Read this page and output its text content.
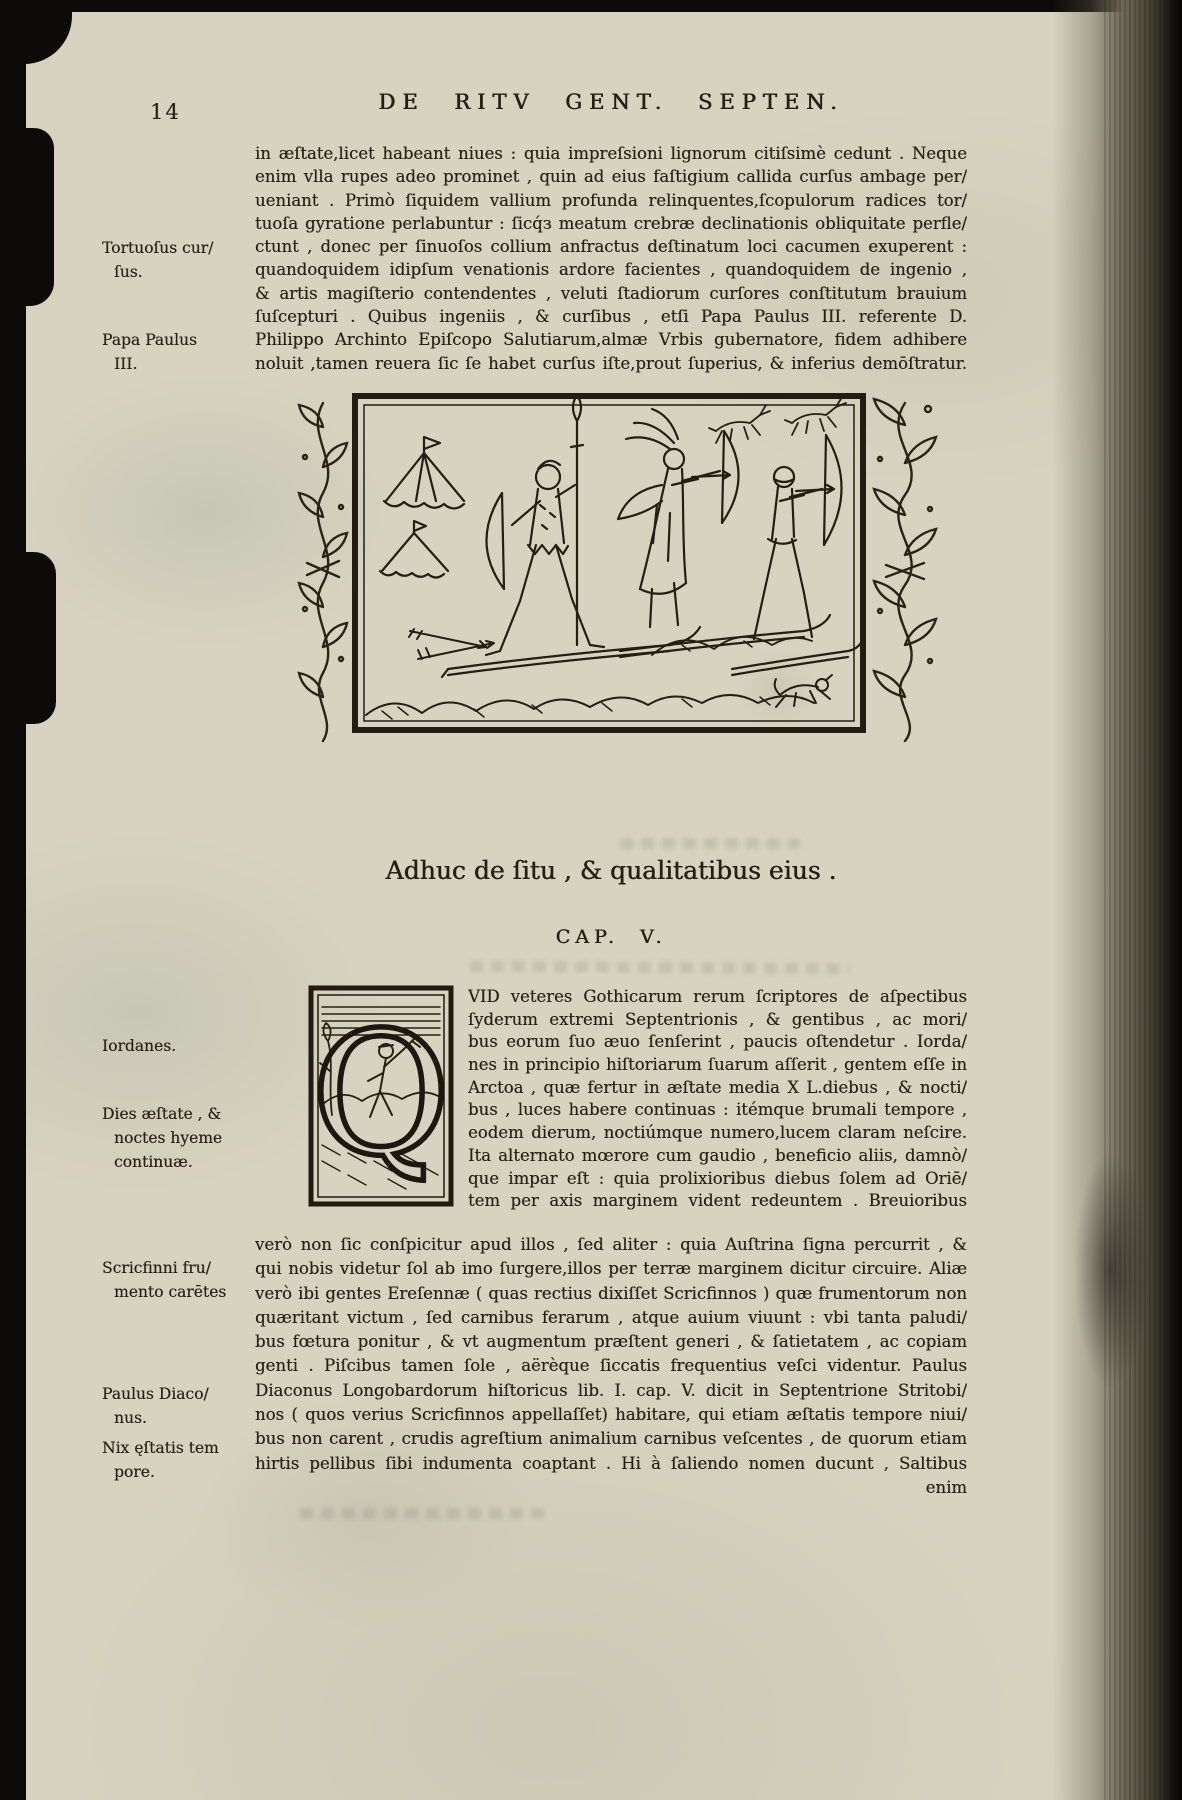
14	DE RITV GENT. SEPTEN.
in æſtate,licet habeant niues : quia impreſsioni lignorum citiſsimè cedunt . Neque
enim vlla rupes adeo prominet , quin ad eius faſtigium callida curſus ambage per/
ueniant . Primò ſiquidem vallium profunda relinquentes,ſcopulorum radices tor/
tuoſa gyratione perlabuntur : ſicq́з meatum crebræ declinationis obliquitate perfle/
ctunt , donec per ſinuoſos collium anfractus deſtinatum loci cacumen exuperent :
quandoquidem idipſum venationis ardore facientes , quandoquidem de ingenio ,
& artis magiſterio contendentes , veluti ſtadiorum curſores conſtitutum brauium
ſuſcepturi . Quibus ingeniis , & curſibus , etſi Papa Paulus III. referente D.
Philippo Archinto Epiſcopo Salutiarum,almæ Vrbis gubernatore, fidem adhibere
noluit ,tamen reuera ſic ſe habet curſus iſte,prout ſuperius, & inferius demōſtratur.
Tortuoſus cur/
ſus.
Papa Paulus
III.
Iordanes.
Dies æſtate , &
noctes hyeme
continuæ.
Scricfinni fru/
mento carētes
Paulus Diaco/
nus.
Nix ęſtatis tem
pore.
Adhuc de ſitu , & qualitatibus eius .
CAP. V.
Q VID veteres Gothicarum rerum ſcriptores de aſpectibus
ſyderum extremi Septentrionis , & gentibus , ac mori/
bus eorum ſuo æuo ſenſerint , paucis oſtendetur . Iorda/
nes in principio hiſtoriarum ſuarum aſſerit , gentem eſſe in
Arctoa , quæ fertur in æſtate media X L.diebus , & nocti/
bus , luces habere continuas : itémque brumali tempore ,
eodem dierum, noctiúmque numero,lucem claram neſcire.
Ita alternato mœrore cum gaudio , beneficio aliis, damnò/
que impar eſt : quia prolixioribus diebus ſolem ad Oriē/
tem per axis marginem vident redeuntem . Breuioribus
verò non ſic conſpicitur apud illos , ſed aliter : quia Auſtrina ſigna percurrit , &
qui nobis videtur ſol ab imo ſurgere,illos per terræ marginem dicitur circuire. Aliæ
verò ibi gentes Ereſennæ ( quas rectius dixiſſet Scricfinnos ) quæ frumentorum non
quæritant victum , ſed carnibus ferarum , atque auium viuunt : vbi tanta paludi/
bus fœtura ponitur , & vt augmentum præſtent generi , & ſatietatem , ac copiam
genti . Piſcibus tamen ſole , aërèque ſiccatis frequentius veſci videntur. Paulus
Diaconus Longobardorum hiſtoricus lib. I. cap. V. dicit in Septentrione Stritobi/
nos ( quos verius Scricfinnos appellaſſet) habitare, qui etiam æſtatis tempore niui/
bus non carent , crudis agreſtium animalium carnibus veſcentes , de quorum etiam
hirtis pellibus ſibi indumenta coaptant . Hi à ſaliendo nomen ducunt , Saltibus
enim
